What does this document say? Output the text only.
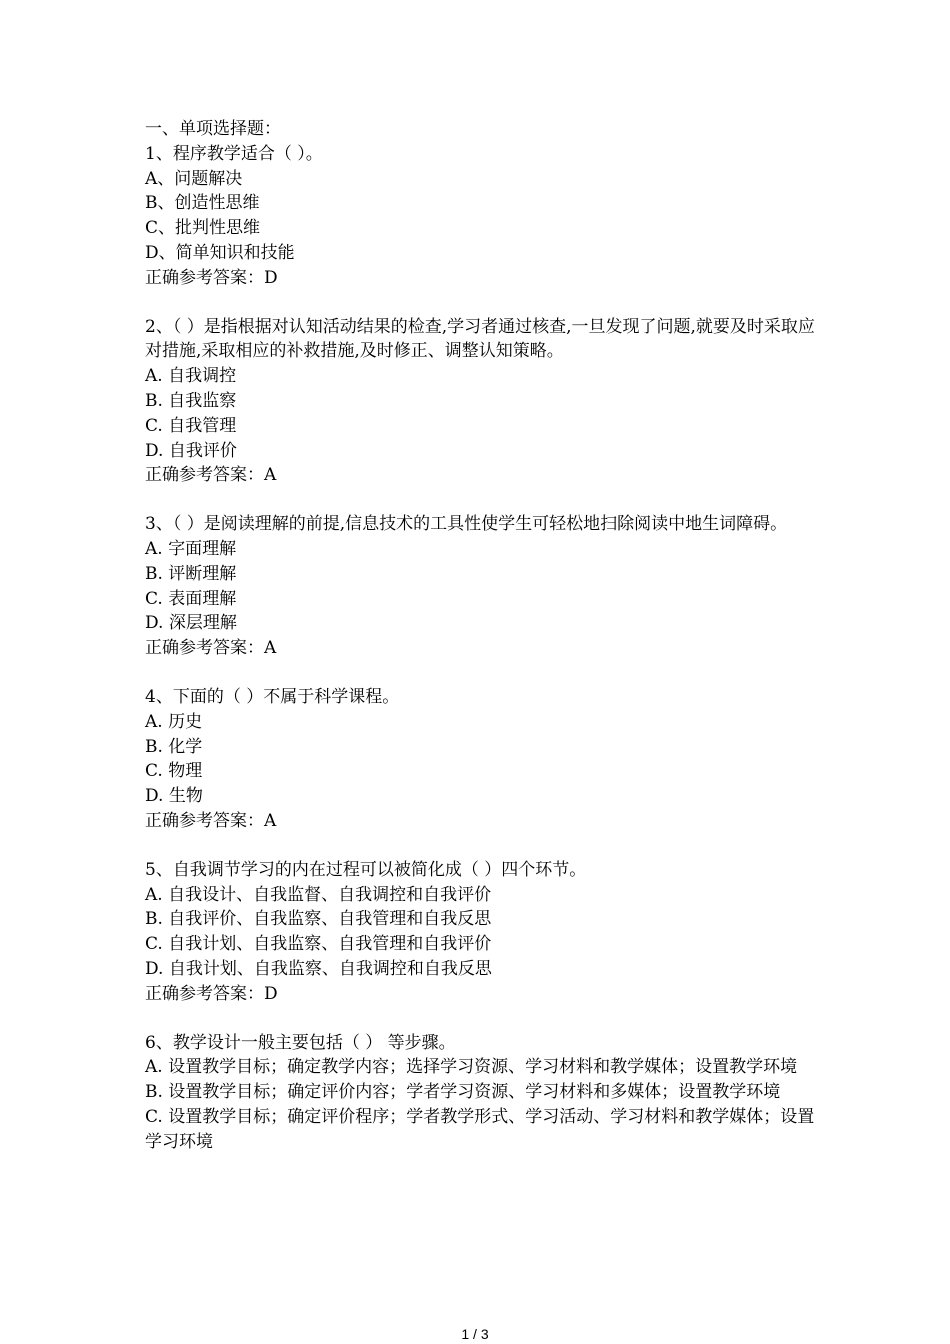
一、单项选择题：
1、程序教学适合（ ）。
A、问题解决
B、创造性思维
C、批判性思维
D、简单知识和技能
正确参考答案：D
2、（ ）是指根据对认知活动结果的检查,学习者通过核查,一旦发现了问题,就要及时采取应对措施,采取相应的补救措施,及时修正、调整认知策略。
A. 自我调控
B. 自我监察
C. 自我管理
D. 自我评价
正确参考答案：A
3、（ ）是阅读理解的前提,信息技术的工具性使学生可轻松地扫除阅读中地生词障碍。
A. 字面理解
B. 评断理解
C. 表面理解
D. 深层理解
正确参考答案：A
4、下面的（ ）不属于科学课程。
A. 历史
B. 化学
C. 物理
D. 生物
正确参考答案：A
5、自我调节学习的内在过程可以被简化成（ ）四个环节。
A. 自我设计、自我监督、自我调控和自我评价
B. 自我评价、自我监察、自我管理和自我反思
C. 自我计划、自我监察、自我管理和自我评价
D. 自我计划、自我监察、自我调控和自我反思
正确参考答案：D
6、教学设计一般主要包括（ ） 等步骤。
A. 设置教学目标；确定教学内容；选择学习资源、学习材料和教学媒体；设置教学环境
B. 设置教学目标；确定评价内容；学者学习资源、学习材料和多媒体；设置教学环境
C. 设置教学目标；确定评价程序；学者教学形式、学习活动、学习材料和教学媒体；设置学习环境
1 / 3
